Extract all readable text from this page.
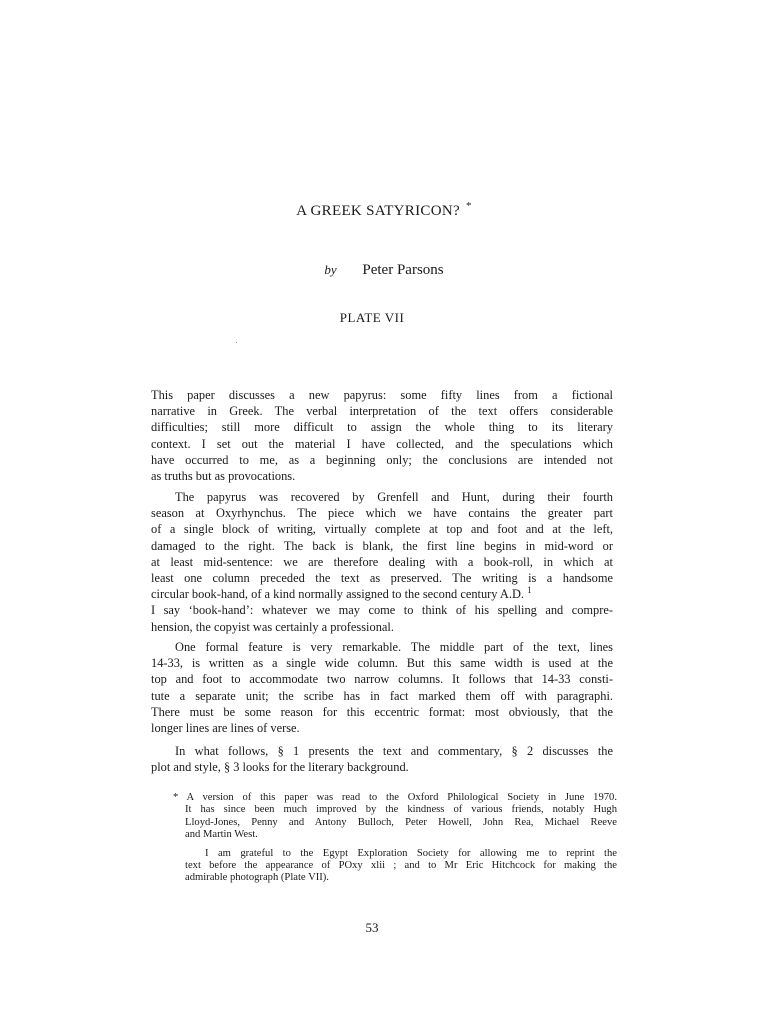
A GREEK SATYRICON? *
by Peter Parsons
PLATE VII
This paper discusses a new papyrus: some fifty lines from a fictional
narrative in Greek. The verbal interpretation of the text offers considerable
difficulties; still more difficult to assign the whole thing to its literary
context. I set out the material I have collected, and the speculations which
have occurred to me, as a beginning only; the conclusions are intended not
as truths but as provocations.
The papyrus was recovered by Grenfell and Hunt, during their fourth
season at Oxyrhynchus. The piece which we have contains the greater part
of a single block of writing, virtually complete at top and foot and at the left,
damaged to the right. The back is blank, the first line begins in mid-word or
at least mid-sentence: we are therefore dealing with a book-roll, in which at
least one column preceded the text as preserved. The writing is a handsome
circular book-hand, of a kind normally assigned to the second century A.D. $^1$
I say ‘book-hand’: whatever we may come to think of his spelling and compre-
hension, the copyist was certainly a professional.
One formal feature is very remarkable. The middle part of the text, lines
14-33, is written as a single wide column. But this same width is used at the
top and foot to accommodate two narrow columns. It follows that 14-33 consti-
tute a separate unit; the scribe has in fact marked them off with paragraphi.
There must be some reason for this eccentric format: most obviously, that the
longer lines are lines of verse.
In what follows, § 1 presents the text and commentary, § 2 discusses the
plot and style, § 3 looks for the literary background.
* A version of this paper was read to the Oxford Philological Society in June 1970.
It has since been much improved by the kindness of various friends, notably Hugh
Lloyd-Jones, Penny and Antony Bulloch, Peter Howell, John Rea, Michael Reeve
and Martin West.
I am grateful to the Egypt Exploration Society for allowing me to reprint the
text before the appearance of POxy xlii ; and to Mr Eric Hitchcock for making the
admirable photograph (Plate VII).
53
